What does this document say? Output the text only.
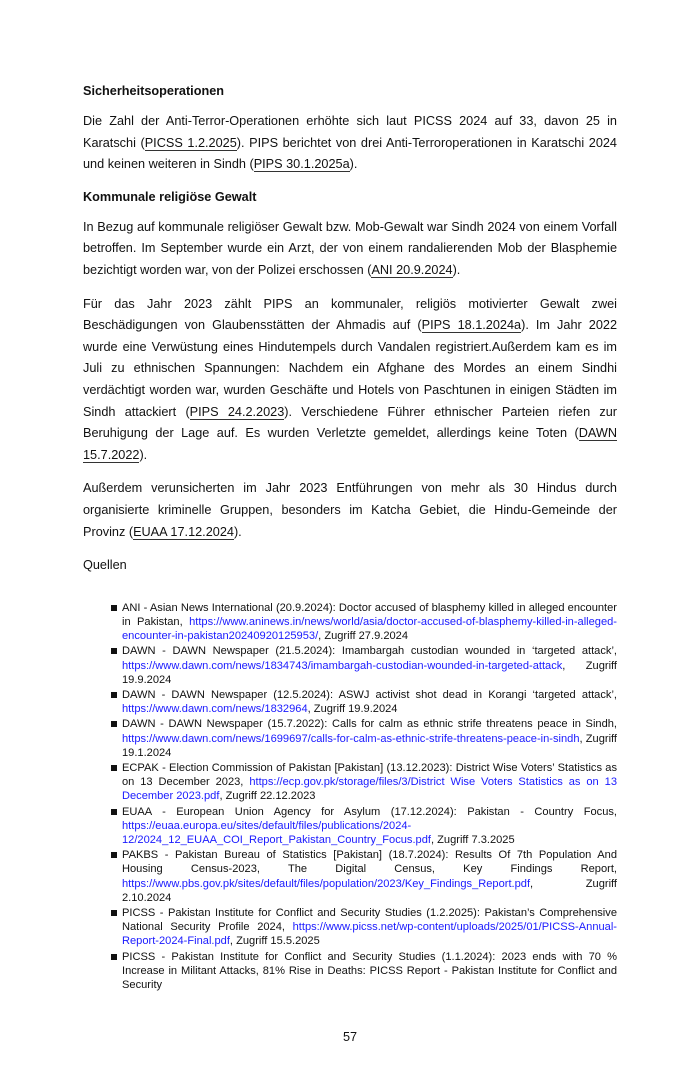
Sicherheitsoperationen

Die Zahl der Anti-Terror-Operationen erhöhte sich laut PICSS 2024 auf 33, davon 25 in Karatschi (PICSS 1.2.2025). PIPS berichtet von drei Anti-Terroroperationen in Karatschi 2024 und keinen weiteren in Sindh (PIPS 30.1.2025a).

Kommunale religiöse Gewalt

In Bezug auf kommunale religiöser Gewalt bzw. Mob-Gewalt war Sindh 2024 von einem Vorfall betroffen. Im September wurde ein Arzt, der von einem randalierenden Mob der Blasphemie bezichtigt worden war, von der Polizei erschossen (ANI 20.9.2024).

Für das Jahr 2023 zählt PIPS an kommunaler, religiös motivierter Gewalt zwei Beschädigungen von Glaubensstätten der Ahmadis auf (PIPS 18.1.2024a). Im Jahr 2022 wurde eine Verwüstung eines Hindutempels durch Vandalen registriert.Außerdem kam es im Juli zu ethnischen Spannungen: Nachdem ein Afghane des Mordes an einem Sindhi verdächtigt worden war, wurden Geschäfte und Hotels von Paschtunen in einigen Städten im Sindh attackiert (PIPS 24.2.2023). Verschiedene Führer ethnischer Parteien riefen zur Beruhigung der Lage auf. Es wurden Verletzte gemeldet, allerdings keine Toten (DAWN 15.7.2022).

Außerdem verunsicherten im Jahr 2023 Entführungen von mehr als 30 Hindus durch organisierte kriminelle Gruppen, besonders im Katcha Gebiet, die Hindu-Gemeinde der Provinz (EUAA 17.12.2024).

Quellen

ANI - Asian News International (20.9.2024): Doctor accused of blasphemy killed in alleged encounter in Pakistan, https://www.aninews.in/news/world/asia/doctor-accused-of-blasphemy-killed-in-alleged-encounter-in-pakistan20240920125953/, Zugriff 27.9.2024
DAWN - DAWN Newspaper (21.5.2024): Imambargah custodian wounded in ‘targeted attack’, https://www.dawn.com/news/1834743/imambargah-custodian-wounded-in-targeted-attack, Zugriff 19.9.2024
DAWN - DAWN Newspaper (12.5.2024): ASWJ activist shot dead in Korangi ‘targeted attack’, https://www.dawn.com/news/1832964, Zugriff 19.9.2024
DAWN - DAWN Newspaper (15.7.2022): Calls for calm as ethnic strife threatens peace in Sindh, https://www.dawn.com/news/1699697/calls-for-calm-as-ethnic-strife-threatens-peace-in-sindh, Zugriff 19.1.2024
ECPAK - Election Commission of Pakistan [Pakistan] (13.12.2023): District Wise Voters’ Statistics as on 13 December 2023, https://ecp.gov.pk/storage/files/3/District Wise Voters Statistics as on 13 December 2023.pdf, Zugriff 22.12.2023
EUAA - European Union Agency for Asylum (17.12.2024): Pakistan - Country Focus, https://euaa.europa.eu/sites/default/files/publications/2024-12/2024_12_EUAA_COI_Report_Pakistan_Country_Focus.pdf, Zugriff 7.3.2025
PAKBS - Pakistan Bureau of Statistics [Pakistan] (18.7.2024): Results Of 7th Population And Housing Census-2023, The Digital Census, Key Findings Report, https://www.pbs.gov.pk/sites/default/files/population/2023/Key_Findings_Report.pdf, Zugriff 2.10.2024
PICSS - Pakistan Institute for Conflict and Security Studies (1.2.2025): Pakistan’s Comprehensive National Security Profile 2024, https://www.picss.net/wp-content/uploads/2025/01/PICSS-Annual-Report-2024-Final.pdf, Zugriff 15.5.2025
PICSS - Pakistan Institute for Conflict and Security Studies (1.1.2024): 2023 ends with 70 % Increase in Militant Attacks, 81% Rise in Deaths: PICSS Report - Pakistan Institute for Conflict and Security
57
